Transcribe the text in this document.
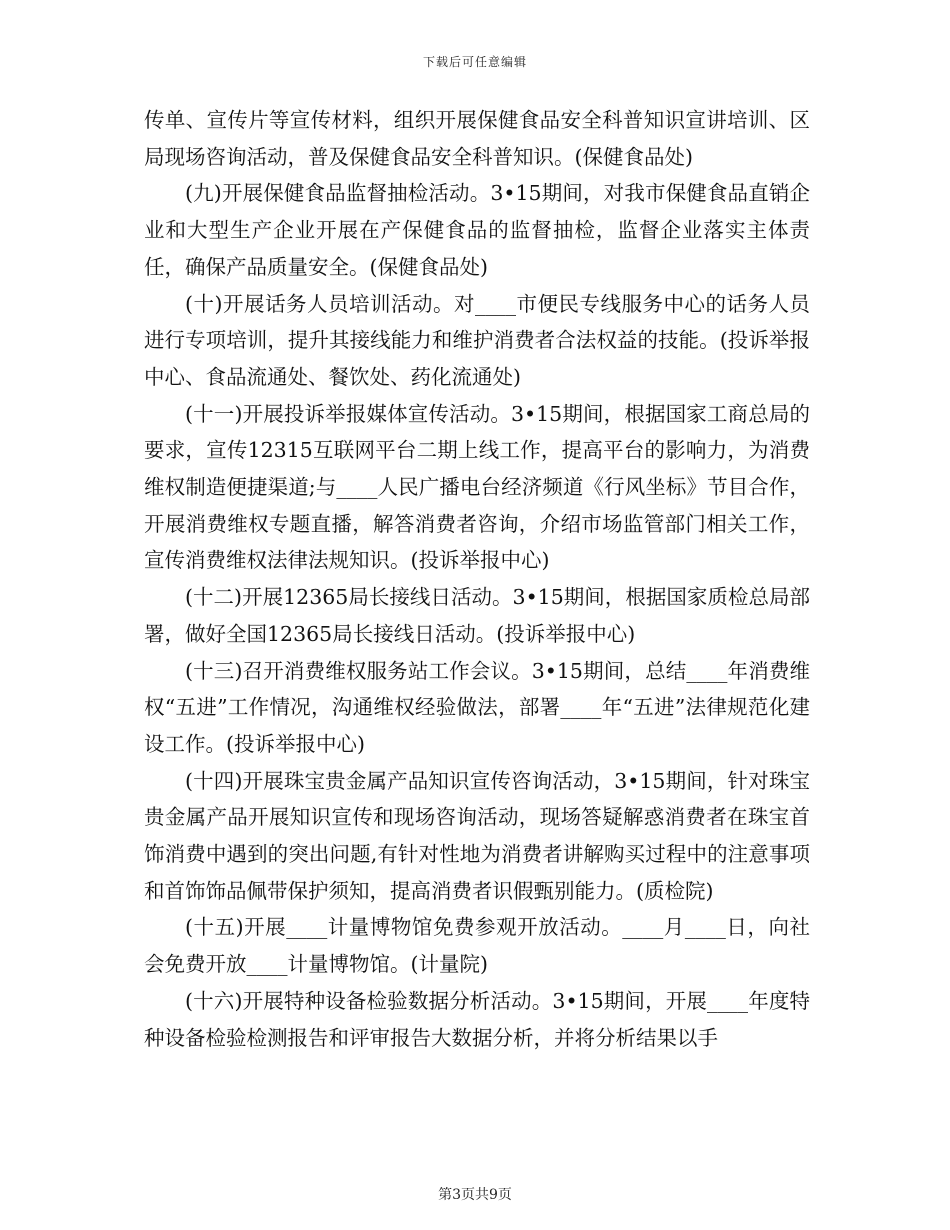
下载后可任意编辑

传单、宣传片等宣传材料，组织开展保健食品安全科普知识宣讲培训、区局现场咨询活动，普及保健食品安全科普知识。(保健食品处)

(九)开展保健食品监督抽检活动。3•15期间，对我市保健食品直销企业和大型生产企业开展在产保健食品的监督抽检，监督企业落实主体责任，确保产品质量安全。(保健食品处)

(十)开展话务人员培训活动。对____市便民专线服务中心的话务人员进行专项培训，提升其接线能力和维护消费者合法权益的技能。(投诉举报中心、食品流通处、餐饮处、药化流通处)

(十一)开展投诉举报媒体宣传活动。3•15期间，根据国家工商总局的要求，宣传12315互联网平台二期上线工作，提高平台的影响力，为消费维权制造便捷渠道;与____人民广播电台经济频道《行风坐标》节目合作，开展消费维权专题直播，解答消费者咨询，介绍市场监管部门相关工作，宣传消费维权法律法规知识。(投诉举报中心)

(十二)开展12365局长接线日活动。3•15期间，根据国家质检总局部署，做好全国12365局长接线日活动。(投诉举报中心)

(十三)召开消费维权服务站工作会议。3•15期间，总结____年消费维权“五进”工作情况，沟通维权经验做法，部署____年“五进”法律规范化建设工作。(投诉举报中心)

(十四)开展珠宝贵金属产品知识宣传咨询活动，3•15期间，针对珠宝贵金属产品开展知识宣传和现场咨询活动，现场答疑解惑消费者在珠宝首饰消费中遇到的突出问题,有针对性地为消费者讲解购买过程中的注意事项和首饰饰品佩带保护须知，提高消费者识假甄别能力。(质检院)

(十五)开展____计量博物馆免费参观开放活动。____月____日，向社会免费开放____计量博物馆。(计量院)

(十六)开展特种设备检验数据分析活动。3•15期间，开展____年度特种设备检验检测报告和评审报告大数据分析，并将分析结果以手

第3页共9页
